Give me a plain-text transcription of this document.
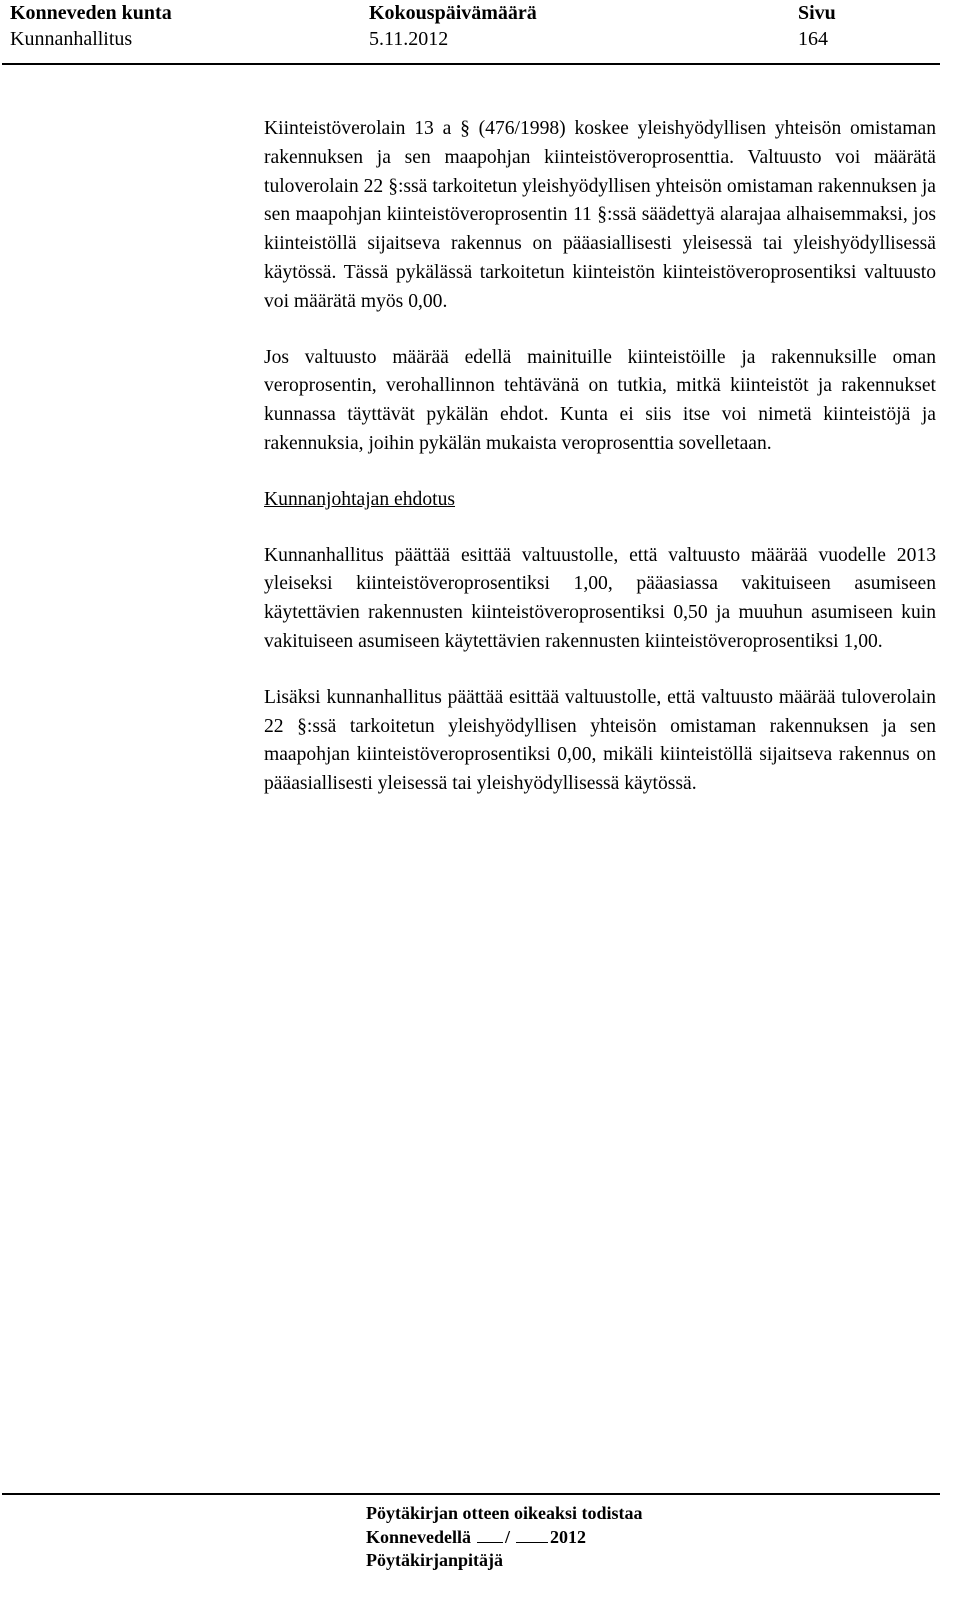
Konneveden kunta
Kunnanhallitus
Kokouspäivämäärä
5.11.2012
Sivu
164

Kiinteistöverolain 13 a § (476/1998) koskee yleishyödyllisen yhteisön omistaman rakennuksen ja sen maapohjan kiinteistöveroprosenttia. Valtuusto voi määrätä tuloverolain 22 §:ssä tarkoitetun yleishyödyllisen yhteisön omistaman rakennuksen ja sen maapohjan kiinteistöveroprosentin 11 §:ssä säädettyä alarajaa alhaisemmaksi, jos kiinteistöllä sijaitseva rakennus on pääasiallisesti yleisessä tai yleishyödyllisessä käytössä. Tässä pykälässä tarkoitetun kiinteistön kiinteistöveroprosentiksi valtuusto voi määrätä myös 0,00.

Jos valtuusto määrää edellä mainituille kiinteistöille ja rakennuksille oman veroprosentin, verohallinnon tehtävänä on tutkia, mitkä kiinteistöt ja rakennukset kunnassa täyttävät pykälän ehdot. Kunta ei siis itse voi nimetä kiinteistöjä ja rakennuksia, joihin pykälän mukaista veroprosenttia sovelletaan.

Kunnanjohtajan ehdotus

Kunnanhallitus päättää esittää valtuustolle, että valtuusto määrää vuodelle 2013 yleiseksi kiinteistöveroprosentiksi 1,00, pääasiassa vakituiseen asumiseen käytettävien rakennusten kiinteistöveroprosentiksi 0,50 ja muuhun asumiseen kuin vakituiseen asumiseen käytettävien rakennusten kiinteistöveroprosentiksi 1,00.

Lisäksi kunnanhallitus päättää esittää valtuustolle, että valtuusto määrää tuloverolain 22 §:ssä tarkoitetun yleishyödyllisen yhteisön omistaman rakennuksen ja sen maapohjan kiinteistöveroprosentiksi 0,00, mikäli kiinteistöllä sijaitseva rakennus on pääasiallisesti yleisessä tai yleishyödyllisessä käytössä.

Pöytäkirjan otteen oikeaksi todistaa
Konnevedellä / 2012
Pöytäkirjanpitäjä
